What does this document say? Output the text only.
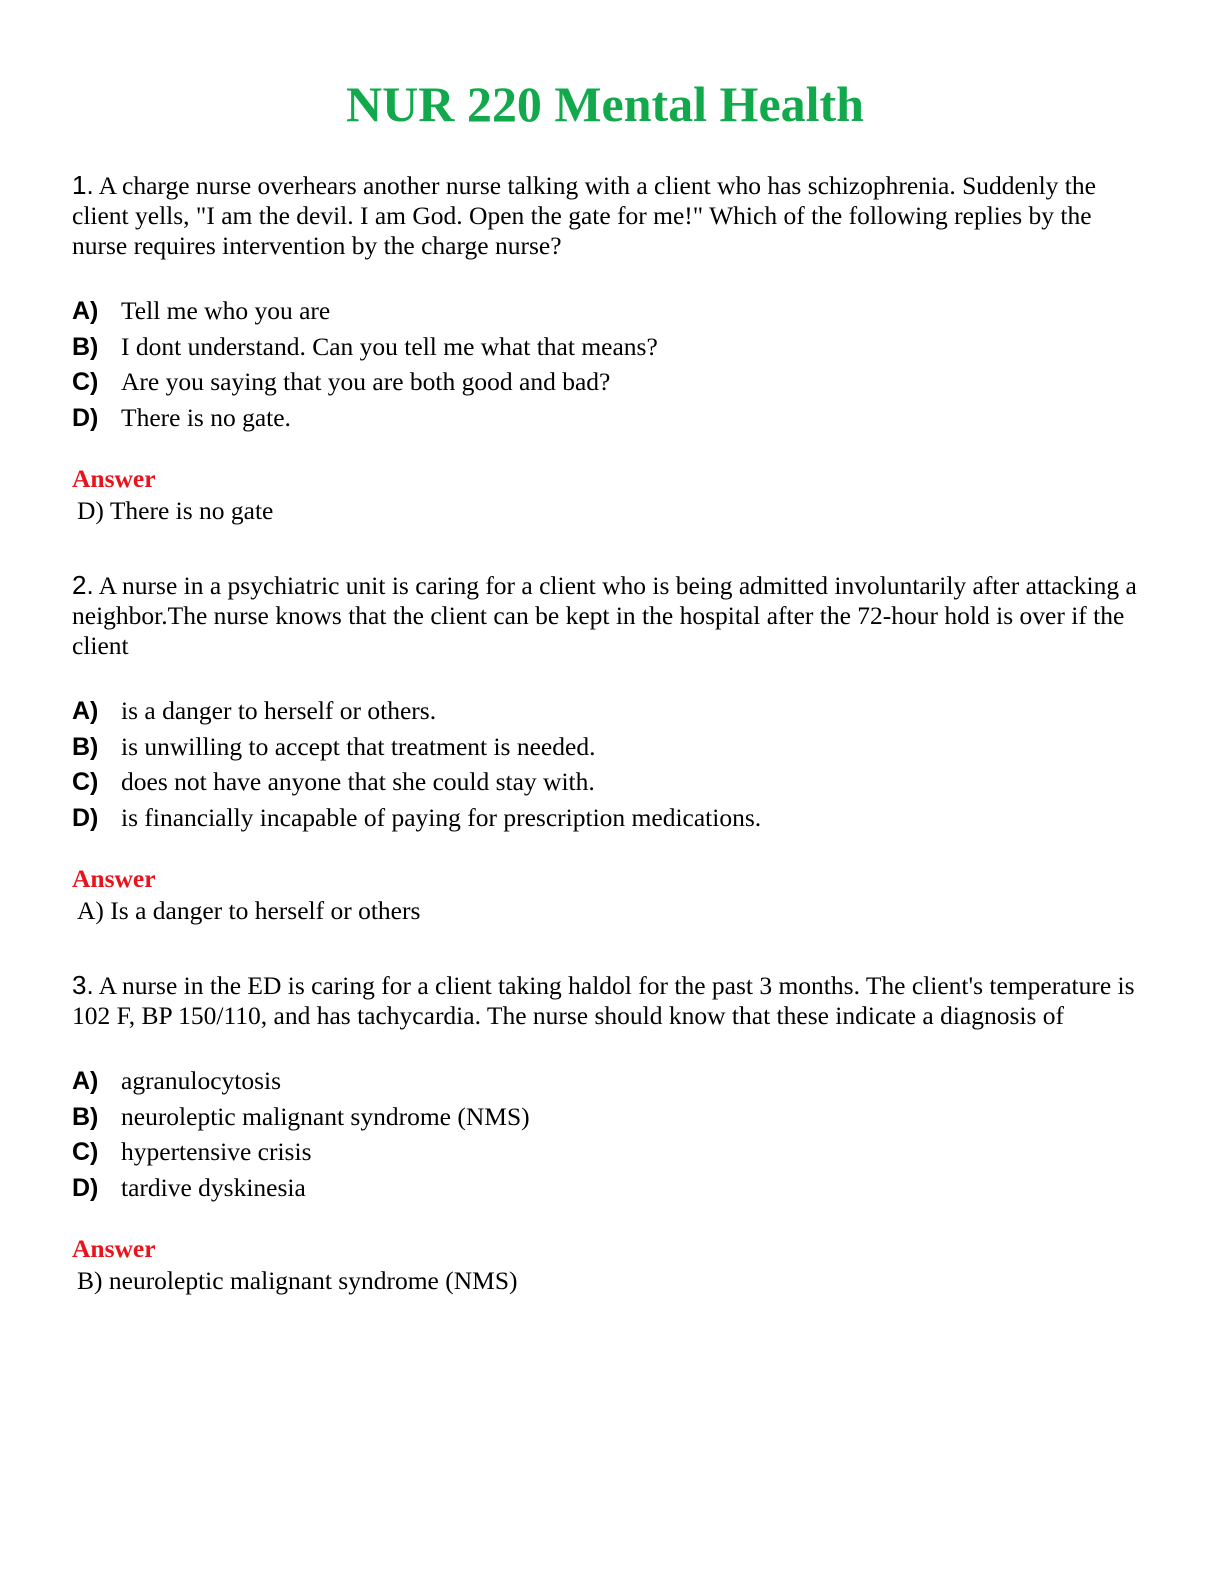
NUR 220 Mental Health

1. A charge nurse overhears another nurse talking with a client who has schizophrenia. Suddenly the client yells, "I am the devil. I am God. Open the gate for me!" Which of the following replies by the nurse requires intervention by the charge nurse?

A) Tell me who you are
B) I dont understand. Can you tell me what that means?
C) Are you saying that you are both good and bad?
D) There is no gate.

Answer

D) There is no gate

2. A nurse in a psychiatric unit is caring for a client who is being admitted involuntarily after attacking a neighbor.The nurse knows that the client can be kept in the hospital after the 72-hour hold is over if the client

A) is a danger to herself or others.
B) is unwilling to accept that treatment is needed.
C) does not have anyone that she could stay with.
D) is financially incapable of paying for prescription medications.

Answer

A) Is a danger to herself or others

3. A nurse in the ED is caring for a client taking haldol for the past 3 months. The client's temperature is 102 F, BP 150/110, and has tachycardia. The nurse should know that these indicate a diagnosis of

A) agranulocytosis
B) neuroleptic malignant syndrome (NMS)
C) hypertensive crisis
D) tardive dyskinesia

Answer

B) neuroleptic malignant syndrome (NMS)
